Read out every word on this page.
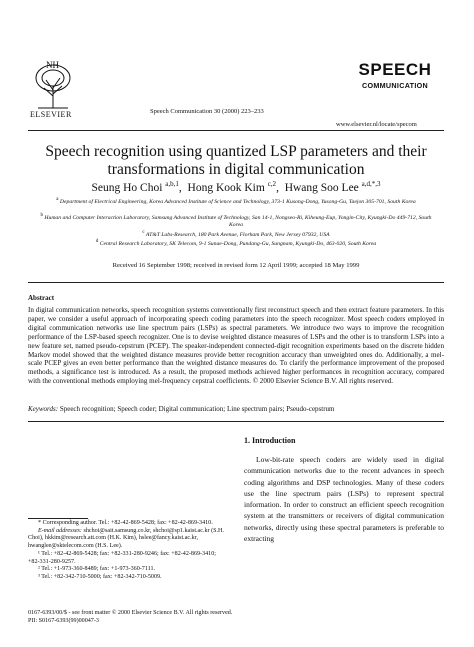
NH
ELSEVIER	Speech Communication 30 (2000) 223–233
SPEECH
COMMUNICATION
www.elsevier.nl/locate/specom
Speech recognition using quantized LSP parameters and their
transformations in digital communication
Seung Ho Choi $^{a,b,1}$,  Hong Kook Kim $^{c,2}$,  Hwang Soo Lee $^{a,d,*,3}$
$^a$ Department of Electrical Engineering, Korea Advanced Institute of Science and Technology, 373-1 Kusong-Dong, Yusong-Gu, Taejon 305-701, South Korea
$^b$ Human and Computer Interaction Laboratory, Samsung Advanced Institute of Technology, San 14-1, Nongseo-Ri, Kiheung-Eup, Yongin-City, Kyungki-Do 449-712, South Korea
$^c$ AT&T Labs-Research, 180 Park Avenue, Florham Park, New Jersey 07932, USA
$^d$ Central Research Laboratory, SK Telecom, 9-1 Sunae-Dong, Pundang-Gu, Sungnam, Kyungki-Do, 463-020, South Korea
Received 16 September 1998; received in revised form 12 April 1999; accepted 18 May 1999
Abstract
In digital communication networks, speech recognition systems conventionally first reconstruct speech and then extract feature parameters. In this paper, we consider a useful approach of incorporating speech coding parameters into the speech recognizer. Most speech coders employed in digital communication networks use line spectrum pairs (LSPs) as spectral parameters. We introduce two ways to improve the recognition performance of the LSP-based speech recognizer. One is to devise weighted distance measures of LSPs and the other is to transform LSPs into a new feature set, named pseudo-cepstrum (PCEP). The speaker-independent connected-digit recognition experiments based on the discrete hidden Markov model showed that the weighted distance measures provide better recognition accuracy than unweighted ones do. Additionally, a mel-scale PCEP gives an even better performance than the weighted distance measures do. To clarify the performance improvement of the proposed methods, a significance test is introduced. As a result, the proposed methods achieved higher performances in recognition accuracy, compared with the conventional methods employing mel-frequency cepstral coefficients. © 2000 Elsevier Science B.V. All rights reserved.
Keywords: Speech recognition; Speech coder; Digital communication; Line spectrum pairs; Pseudo-cepstrum
1. Introduction
Low-bit-rate speech coders are widely used in digital communication networks due to the recent advances in speech coding algorithms and DSP technologies. Many of these coders use the line spectrum pairs (LSPs) to represent spectral information. In order to construct an efficient speech recognition system at the transmitters or receivers of digital communication networks, directly using these spectral parameters is preferable to extracting

* Corresponding author. Tel.: +82-42-869-5428; fax: +82-42-869-3410.

E-mail addresses: shchoi@sait.samsung.co.kr, shchoi@sp1.kaist.ac.kr (S.H. Choi), hkkim@research.att.com (H.K. Kim), hslee@fancy.kaist.ac.kr, hwanglee@sktelecom.com (H.S. Lee).

¹ Tel.: +82-42-869-5428; fax: +82-331-280-9246; fax: +82-42-869-3410; +82-331-280-9257.

² Tel.: +1-973-360-8489; fax: +1-973-360-7111.

³ Tel.: +82-342-710-5000; fax: +82-342-710-5009.

0167-6393/00/$ - see front matter © 2000 Elsevier Science B.V. All rights reserved.
PII: S0167-6393(99)00047-3
